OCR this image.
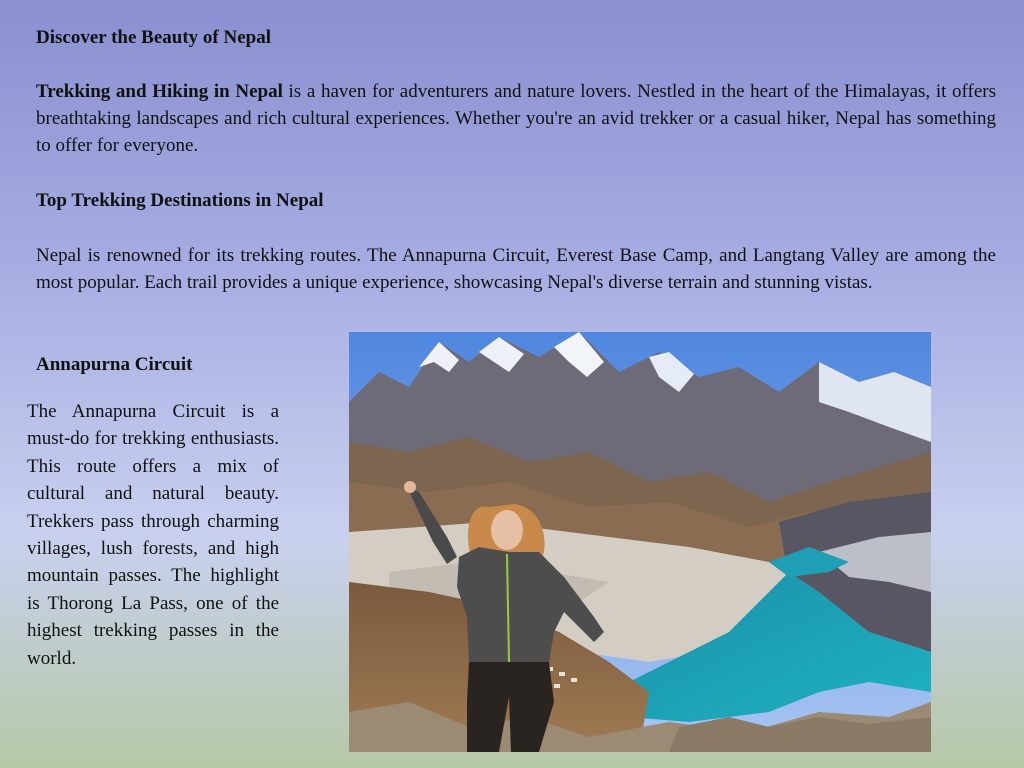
Discover the Beauty of Nepal
Trekking and Hiking in Nepal is a haven for adventurers and nature lovers. Nestled in the heart of the Himalayas, it offers breathtaking landscapes and rich cultural experiences. Whether you're an avid trekker or a casual hiker, Nepal has something to offer for everyone.
Top Trekking Destinations in Nepal
Nepal is renowned for its trekking routes. The Annapurna Circuit, Everest Base Camp, and Langtang Valley are among the most popular. Each trail provides a unique experience, showcasing Nepal's diverse terrain and stunning vistas.
Annapurna Circuit
The Annapurna Circuit is a must-do for trekking enthusiasts. This route offers a mix of cultural and natural beauty. Trekkers pass through charming villages, lush forests, and high mountain passes. The highlight is Thorong La Pass, one of the highest trekking passes in the world.
